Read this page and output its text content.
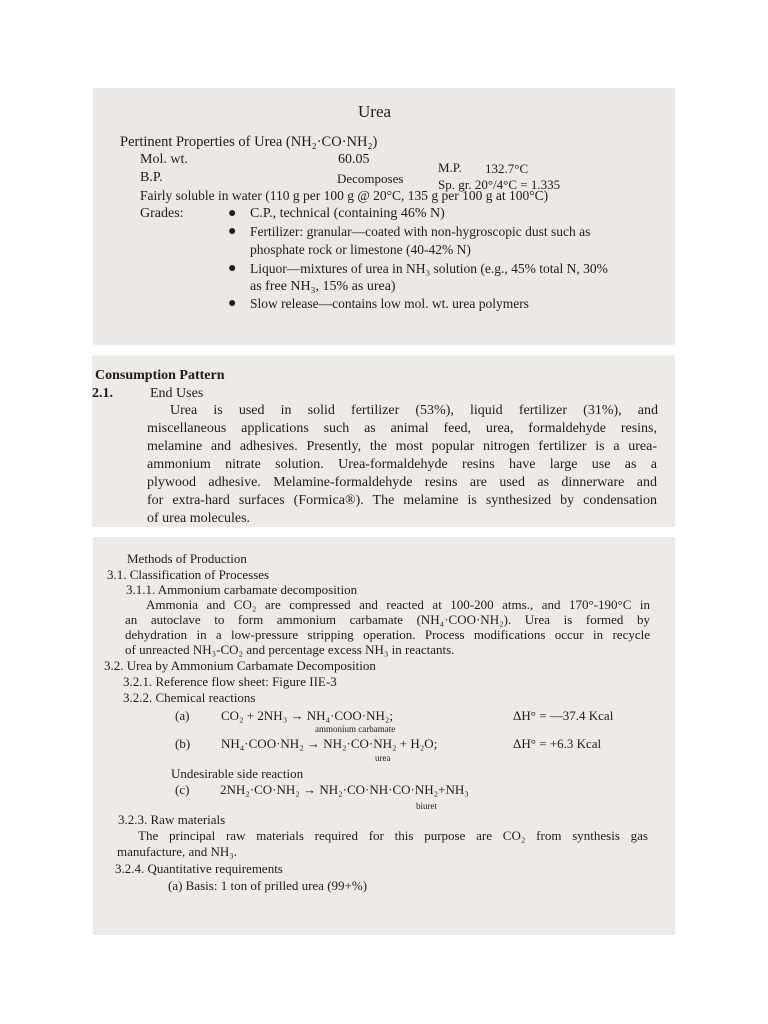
Urea
Pertinent Properties of Urea (NH₂·CO·NH₂)
Mol. wt.	60.05
M.P. 132.7°C
B.P.	Decomposes	Sp. gr. 20°/4°C = 1.335
Fairly soluble in water (110 g per 100 g @ 20°C, 135 g per 100 g at 100°C)
Grades:	● C.P., technical (containing 46% N)
● Fertilizer: granular—coated with non-hygroscopic dust such as
phosphate rock or limestone (40-42% N)
● Liquor—mixtures of urea in NH₃ solution (e.g., 45% total N, 30%
as free NH₃, 15% as urea)
● Slow release—contains low mol. wt. urea polymers
Consumption Pattern
2.1.	End Uses
Urea is used in solid fertilizer (53%), liquid fertilizer (31%), and
miscellaneous applications such as animal feed, urea, formaldehyde resins,
melamine and adhesives. Presently, the most popular nitrogen fertilizer is a urea-
ammonium nitrate solution. Urea-formaldehyde resins have large use as a
plywood adhesive. Melamine-formaldehyde resins are used as dinnerware and
for extra-hard surfaces (Formica®). The melamine is synthesized by condensation
of urea molecules.
Methods of Production
3.1. Classification of Processes
3.1.1. Ammonium carbamate decomposition
Ammonia and CO₂ are compressed and reacted at 100-200 atms., and 170°-190°C in
an autoclave to form ammonium carbamate (NH₄·COO·NH₂). Urea is formed by
dehydration in a low-pressure stripping operation. Process modifications occur in recycle
of unreacted NH₃-CO₂ and percentage excess NH₃ in reactants.
3.2. Urea by Ammonium Carbamate Decomposition
3.2.1. Reference flow sheet: Figure IIE-3
3.2.2. Chemical reactions
(a) CO₂ + 2NH₃ → NH₄·COO·NH₂;
ammonium carbamate
ΔH° = —37.4 Kcal
(b) NH₄·COO·NH₂ → NH₂·CO·NH₂ + H₂O;
urea
ΔH° = +6.3 Kcal
Undesirable side reaction
(c) 2NH₂·CO·NH₂ → NH₂·CO·NH·CO·NH₂+NH₃
biuret
3.2.3. Raw materials
The principal raw materials required for this purpose are CO₂ from synthesis gas
manufacture, and NH₃.
3.2.4. Quantitative requirements
(a) Basis: 1 ton of prilled urea (99+%)
